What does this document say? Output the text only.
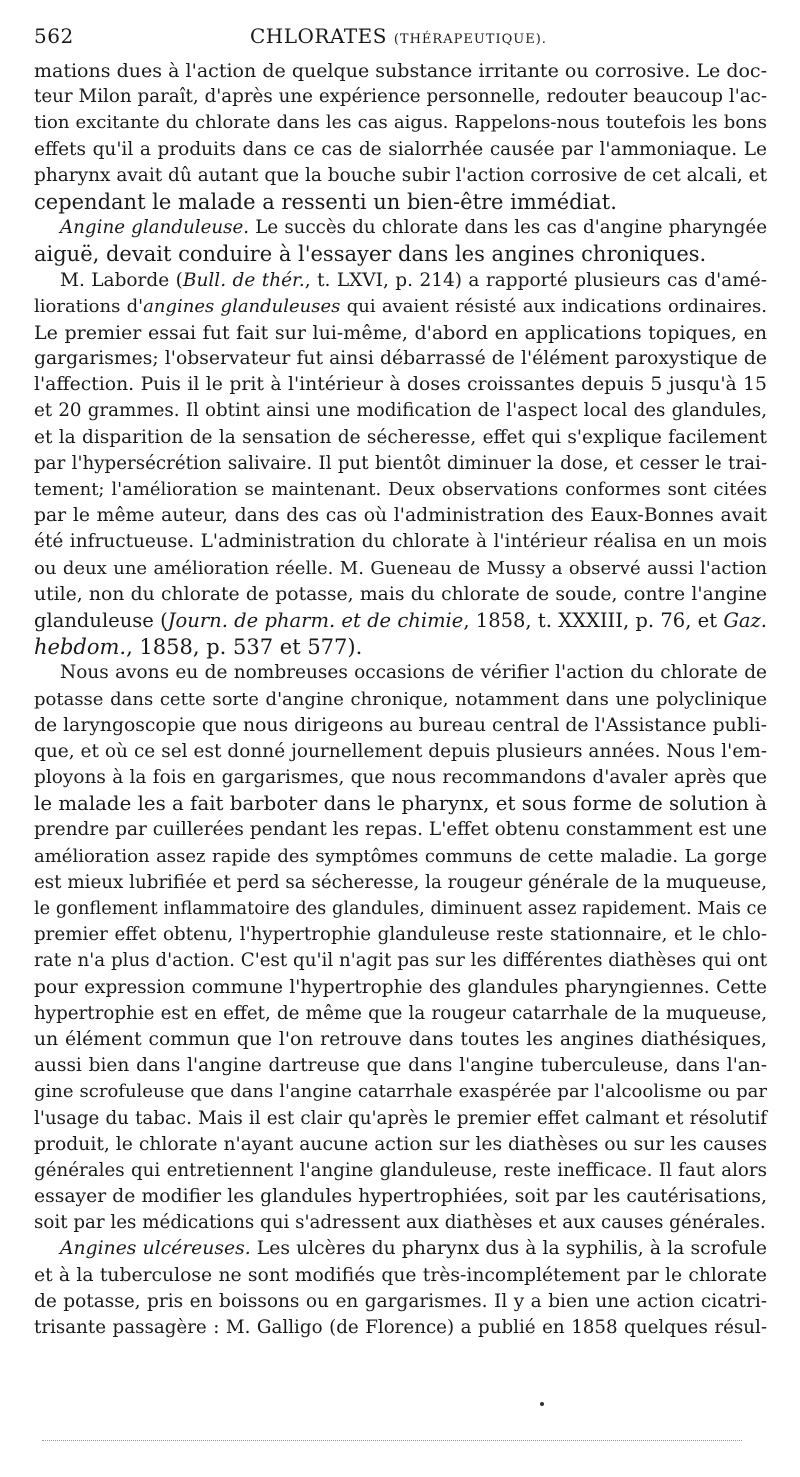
562	CHLORATES (THÉRAPEUTIQUE).
mations dues à l'action de quelque substance irritante ou corrosive. Le doc-
teur Milon paraît, d'après une expérience personnelle, redouter beaucoup l'ac-
tion excitante du chlorate dans les cas aigus. Rappelons-nous toutefois les bons
effets qu'il a produits dans ce cas de sialorrhée causée par l'ammoniaque. Le
pharynx avait dû autant que la bouche subir l'action corrosive de cet alcali, et
cependant le malade a ressenti un bien-être immédiat.
Angine glanduleuse. Le succès du chlorate dans les cas d'angine pharyngée
aiguë, devait conduire à l'essayer dans les angines chroniques.
M. Laborde (Bull. de thér., t. LXVI, p. 214) a rapporté plusieurs cas d'amé-
liorations d'angines glanduleuses qui avaient résisté aux indications ordinaires.
Le premier essai fut fait sur lui-même, d'abord en applications topiques, en
gargarismes; l'observateur fut ainsi débarrassé de l'élément paroxystique de
l'affection. Puis il le prit à l'intérieur à doses croissantes depuis 5 jusqu'à 15
et 20 grammes. Il obtint ainsi une modification de l'aspect local des glandules,
et la disparition de la sensation de sécheresse, effet qui s'explique facilement
par l'hypersécrétion salivaire. Il put bientôt diminuer la dose, et cesser le trai-
tement; l'amélioration se maintenant. Deux observations conformes sont citées
par le même auteur, dans des cas où l'administration des Eaux-Bonnes avait
été infructueuse. L'administration du chlorate à l'intérieur réalisa en un mois
ou deux une amélioration réelle. M. Gueneau de Mussy a observé aussi l'action
utile, non du chlorate de potasse, mais du chlorate de soude, contre l'angine
glanduleuse (Journ. de pharm. et de chimie, 1858, t. XXXIII, p. 76, et Gaz.
hebdom., 1858, p. 537 et 577).
Nous avons eu de nombreuses occasions de vérifier l'action du chlorate de
potasse dans cette sorte d'angine chronique, notamment dans une polyclinique
de laryngoscopie que nous dirigeons au bureau central de l'Assistance publi-
que, et où ce sel est donné journellement depuis plusieurs années. Nous l'em-
ployons à la fois en gargarismes, que nous recommandons d'avaler après que
le malade les a fait barboter dans le pharynx, et sous forme de solution à
prendre par cuillerées pendant les repas. L'effet obtenu constamment est une
amélioration assez rapide des symptômes communs de cette maladie. La gorge
est mieux lubrifiée et perd sa sécheresse, la rougeur générale de la muqueuse,
le gonflement inflammatoire des glandules, diminuent assez rapidement. Mais ce
premier effet obtenu, l'hypertrophie glanduleuse reste stationnaire, et le chlo-
rate n'a plus d'action. C'est qu'il n'agit pas sur les différentes diathèses qui ont
pour expression commune l'hypertrophie des glandules pharyngiennes. Cette
hypertrophie est en effet, de même que la rougeur catarrhale de la muqueuse,
un élément commun que l'on retrouve dans toutes les angines diathésiques,
aussi bien dans l'angine dartreuse que dans l'angine tuberculeuse, dans l'an-
gine scrofuleuse que dans l'angine catarrhale exaspérée par l'alcoolisme ou par
l'usage du tabac. Mais il est clair qu'après le premier effet calmant et résolutif
produit, le chlorate n'ayant aucune action sur les diathèses ou sur les causes
générales qui entretiennent l'angine glanduleuse, reste inefficace. Il faut alors
essayer de modifier les glandules hypertrophiées, soit par les cautérisations,
soit par les médications qui s'adressent aux diathèses et aux causes générales.
Angines ulcéreuses. Les ulcères du pharynx dus à la syphilis, à la scrofule
et à la tuberculose ne sont modifiés que très-incomplétement par le chlorate
de potasse, pris en boissons ou en gargarismes. Il y a bien une action cicatri-
trisante passagère : M. Galligo (de Florence) a publié en 1858 quelques résul-
